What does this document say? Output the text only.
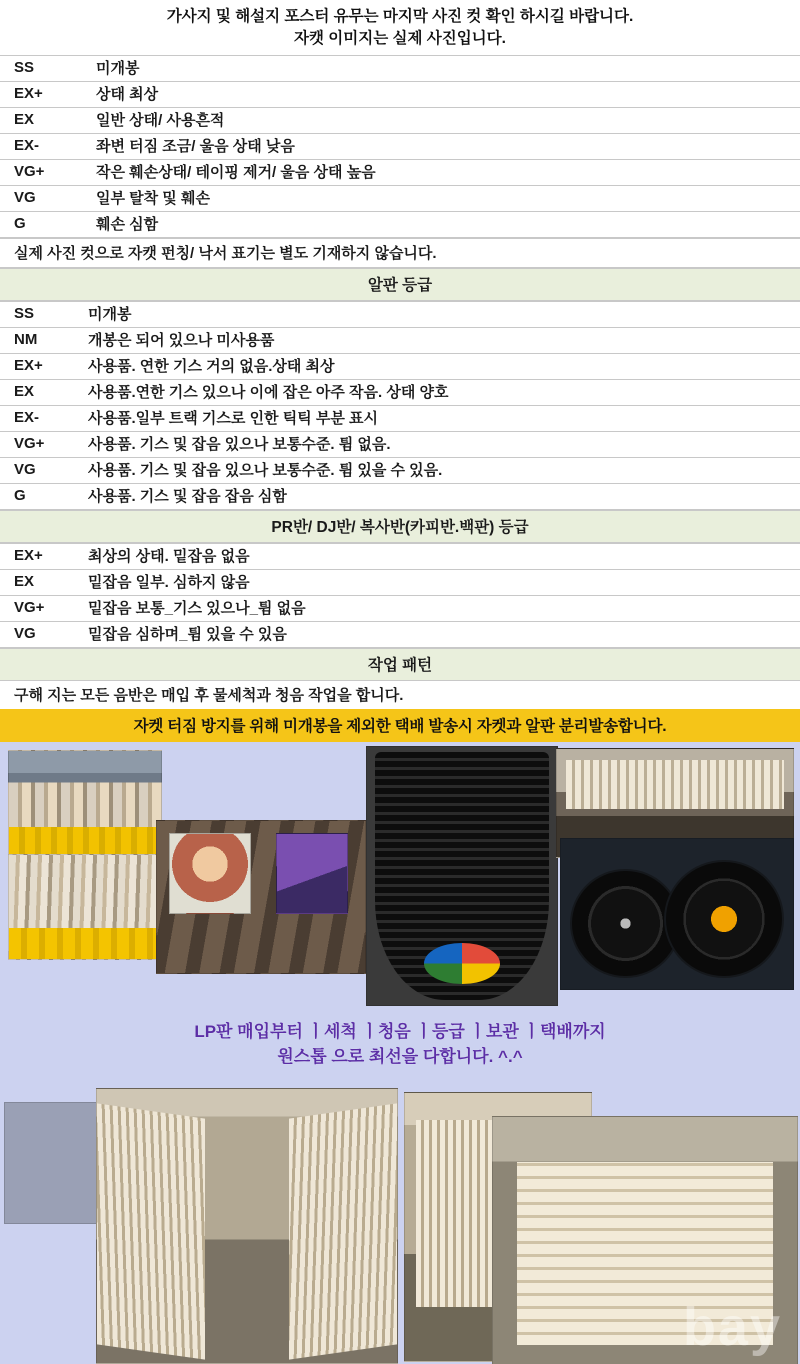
가사지 및 해설지 포스터 유무는 마지막 사진 컷 확인 하시길 바랍니다.
자캣 이미지는 실제 사진입니다.
SS	미개봉
EX+	상태 최상
EX	일반 상태/ 사용흔적
EX-	좌변 터짐 조금/ 울음 상태 낮음
VG+	작은 훼손상태/ 테이핑 제거/ 울음 상태 높음
VG	일부 탈착 및 훼손
G	훼손 심함
실제 사진 컷으로 자캣 펀칭/ 낙서 표기는 별도 기재하지 않습니다.
알판 등급
SS	미개봉
NM	개봉은 되어 있으나 미사용품
EX+	사용품. 연한 기스 거의 없음.상태 최상
EX	사용품.연한 기스 있으나 이에 잡은 아주 작음. 상태 양호
EX-	사용품.일부 트랙 기스로 인한 틱틱 부분 표시
VG+	사용품. 기스 및 잡음 있으나 보통수준. 튐 없음.
VG	사용품. 기스 및 잡음 있으나 보통수준. 튐 있을 수 있음.
G	사용품. 기스 및 잡음 잡음 심함
PR반/ DJ반/ 복사반(카피반.백판) 등급
EX+	최상의 상태. 밑잡음 없음
EX	밑잡음 일부. 심하지 않음
VG+	밑잡음 보통_기스 있으나_튐 없음
VG	밑잡음 심하며_튐 있을 수 있음
작업 패턴
구해 지는 모든 음반은 매입 후 물세척과 청음 작업을 합니다.
자켓 터짐 방지를 위해 미개봉을 제외한 택배 발송시 자켓과 알판 분리발송합니다.
LP판 매입부터 ㅣ세척 ㅣ청음 ㅣ등급 ㅣ보관 ㅣ택배까지
원스톱 으로 최선을 다합니다. ^.^
bay
